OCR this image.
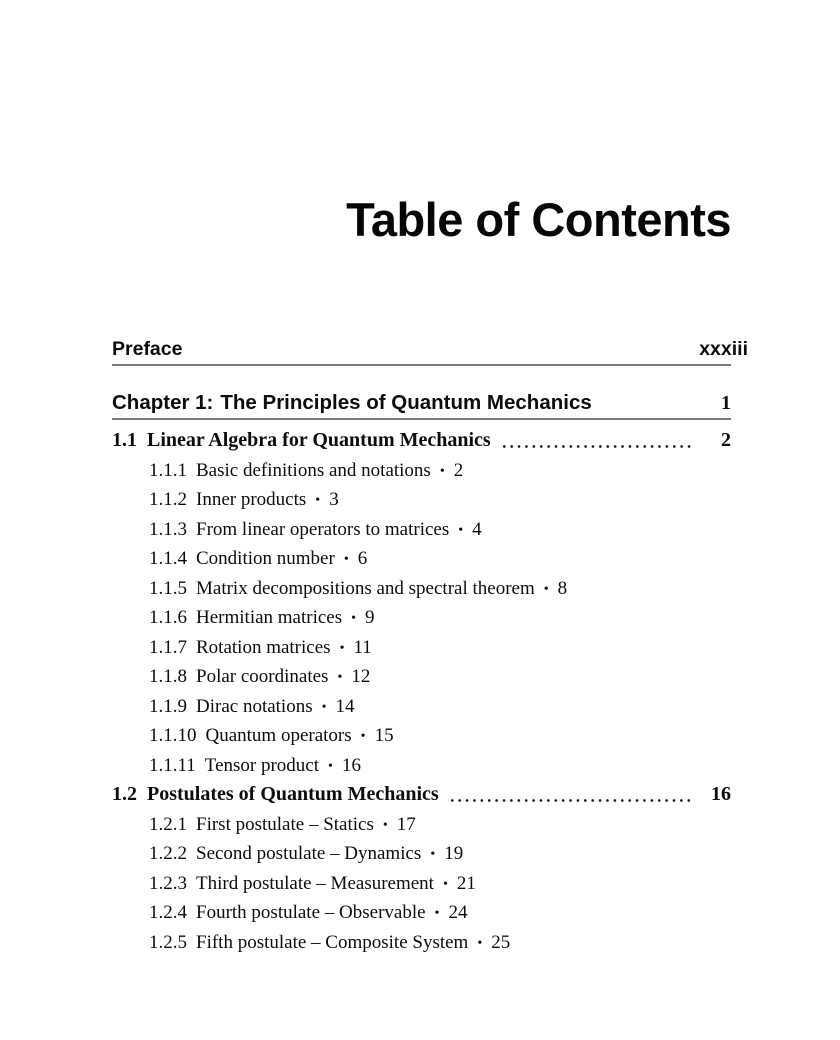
Table of Contents
Preface	xxxiii
Chapter 1: The Principles of Quantum Mechanics	1
1.1 Linear Algebra for Quantum Mechanics	2
1.1.1 Basic definitions and notations • 2
1.1.2 Inner products • 3
1.1.3 From linear operators to matrices • 4
1.1.4 Condition number • 6
1.1.5 Matrix decompositions and spectral theorem • 8
1.1.6 Hermitian matrices • 9
1.1.7 Rotation matrices • 11
1.1.8 Polar coordinates • 12
1.1.9 Dirac notations • 14
1.1.10 Quantum operators • 15
1.1.11 Tensor product • 16
1.2 Postulates of Quantum Mechanics	16
1.2.1 First postulate – Statics • 17
1.2.2 Second postulate – Dynamics • 19
1.2.3 Third postulate – Measurement • 21
1.2.4 Fourth postulate – Observable • 24
1.2.5 Fifth postulate – Composite System • 25
